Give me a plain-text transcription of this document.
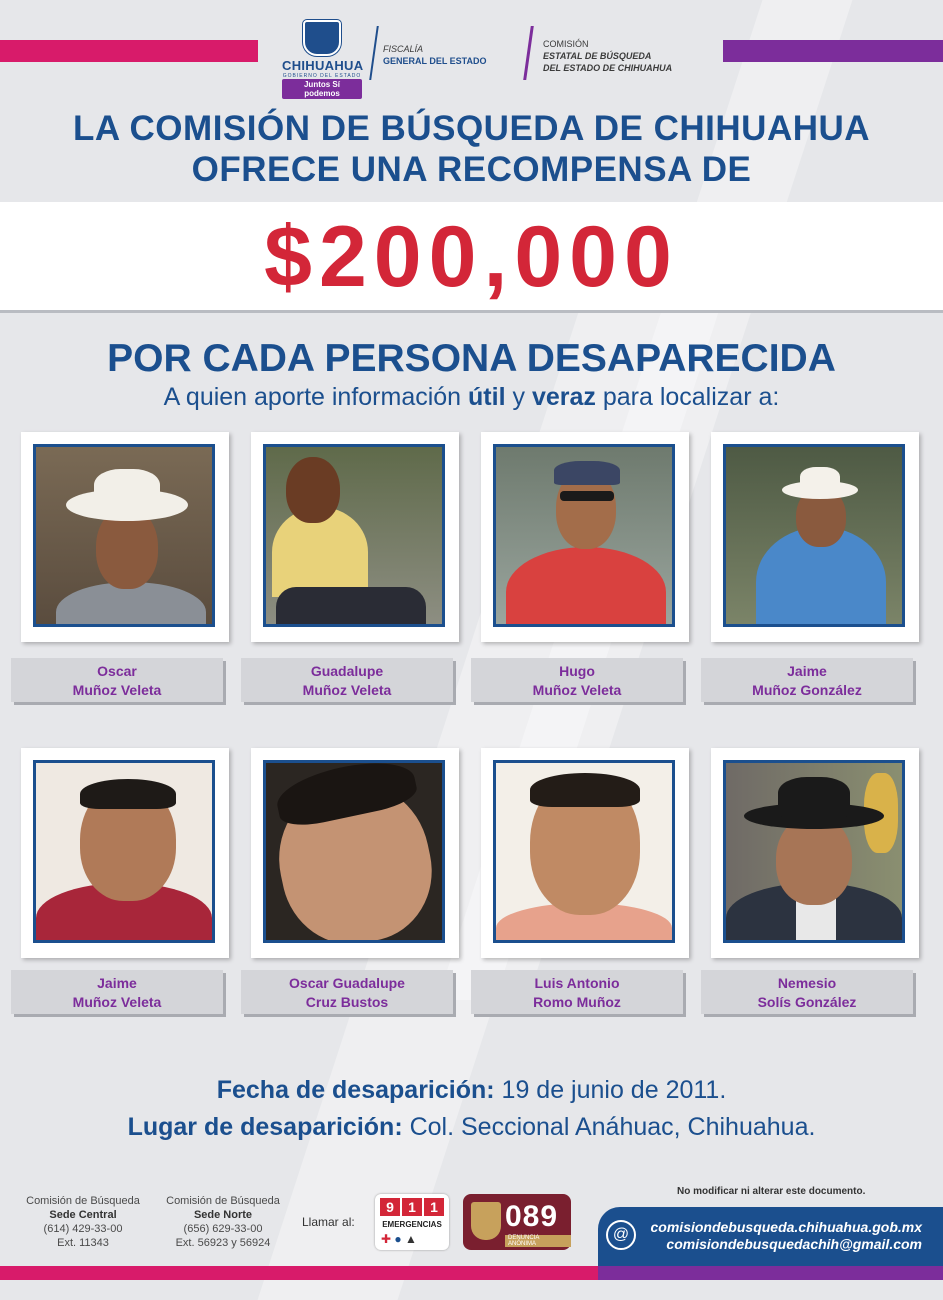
CHIHUAHUA
GOBIERNO DEL ESTADO
Juntos Sí podemos
FISCALÍA
GENERAL DEL ESTADO
COMISIÓN
ESTATAL DE BÚSQUEDA
DEL ESTADO DE CHIHUAHUA
LA COMISIÓN DE BÚSQUEDA DE CHIHUAHUA
OFRECE UNA RECOMPENSA DE
$200,000
POR CADA PERSONA DESAPARECIDA
A quien aporte información útil y veraz para localizar a:
Oscar
Muñoz Veleta
Guadalupe
Muñoz Veleta
Hugo
Muñoz Veleta
Jaime
Muñoz González
Jaime
Muñoz Veleta
Oscar Guadalupe
Cruz Bustos
Luis Antonio
Romo Muñoz
Nemesio
Solís González
Fecha de desaparición: 19 de junio de 2011.
Lugar de desaparición: Col. Seccional Anáhuac, Chihuahua.
Comisión de Búsqueda
Sede Central
(614) 429-33-00
Ext. 11343
Comisión de Búsqueda
Sede Norte
(656) 629-33-00
Ext. 56923 y 56924
Llamar al:
9	1	1
EMERGENCIAS
✚ ● ▲
089
DENUNCIA ANÓNIMA
No modificar ni alterar este documento.
@	comisiondebusqueda.chihuahua.gob.mx
comisiondebusquedachih@gmail.com
